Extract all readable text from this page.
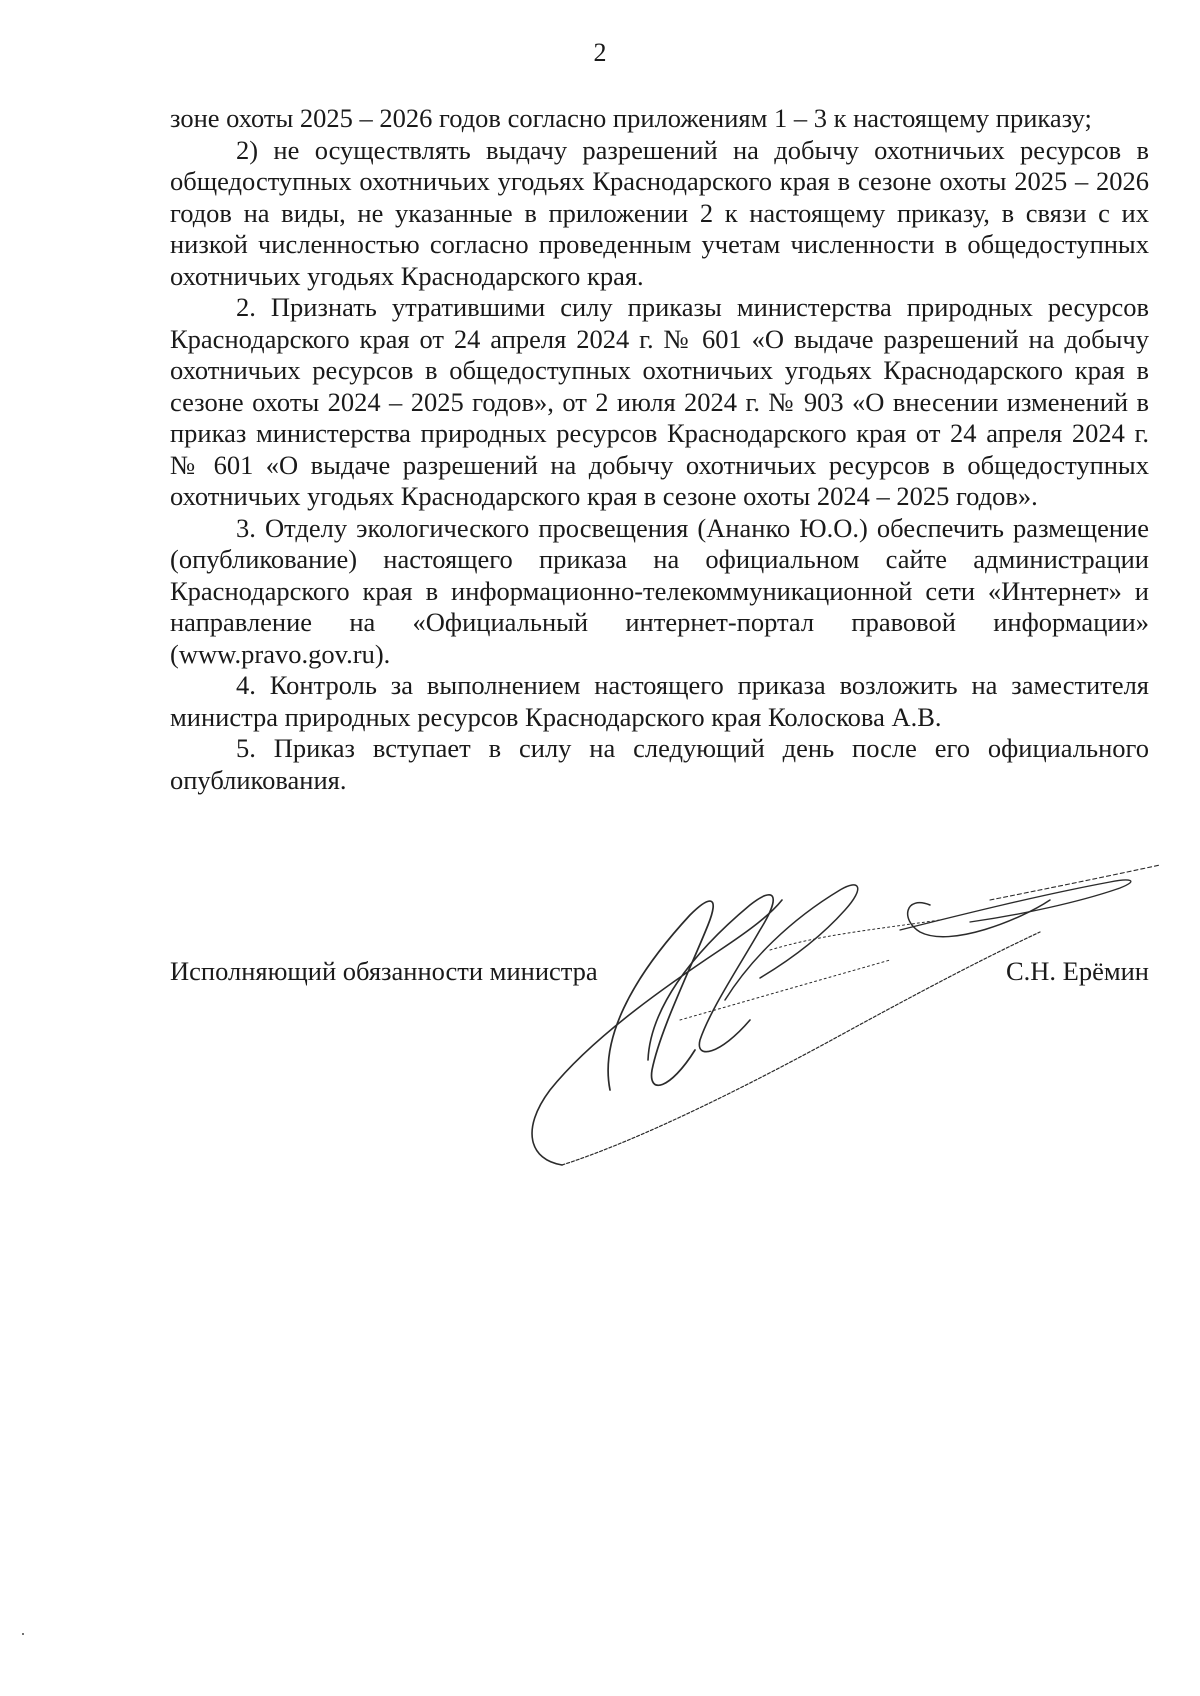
2

зоне охоты 2025 – 2026 годов согласно приложениям 1 – 3 к настоящему приказу;

2) не осуществлять выдачу разрешений на добычу охотничьих ресурсов в общедоступных охотничьих угодьях Краснодарского края в сезоне охоты 2025 – 2026 годов на виды, не указанные в приложении 2 к настоящему приказу, в связи с их низкой численностью согласно проведенным учетам численности в общедоступных охотничьих угодьях Краснодарского края.

2. Признать утратившими силу приказы министерства природных ресурсов Краснодарского края от 24 апреля 2024 г. № 601 «О выдаче разрешений на добычу охотничьих ресурсов в общедоступных охотничьих угодьях Краснодарского края в сезоне охоты 2024 – 2025 годов», от 2 июля 2024 г. № 903 «О внесении изменений в приказ министерства природных ресурсов Краснодарского края от 24 апреля 2024 г. № 601 «О выдаче разрешений на добычу охотничьих ресурсов в общедоступных охотничьих угодьях Краснодарского края в сезоне охоты 2024 – 2025 годов».

3. Отделу экологического просвещения (Ананко Ю.О.) обеспечить размещение (опубликование) настоящего приказа на официальном сайте администрации Краснодарского края в информационно-телекоммуникационной сети «Интернет» и направление на «Официальный интернет-портал правовой информации» (www.pravo.gov.ru).

4. Контроль за выполнением настоящего приказа возложить на заместителя министра природных ресурсов Краснодарского края Колоскова А.В.

5. Приказ вступает в силу на следующий день после его официального опубликования.

Исполняющий обязанности министра	С.Н. Ерёмин
